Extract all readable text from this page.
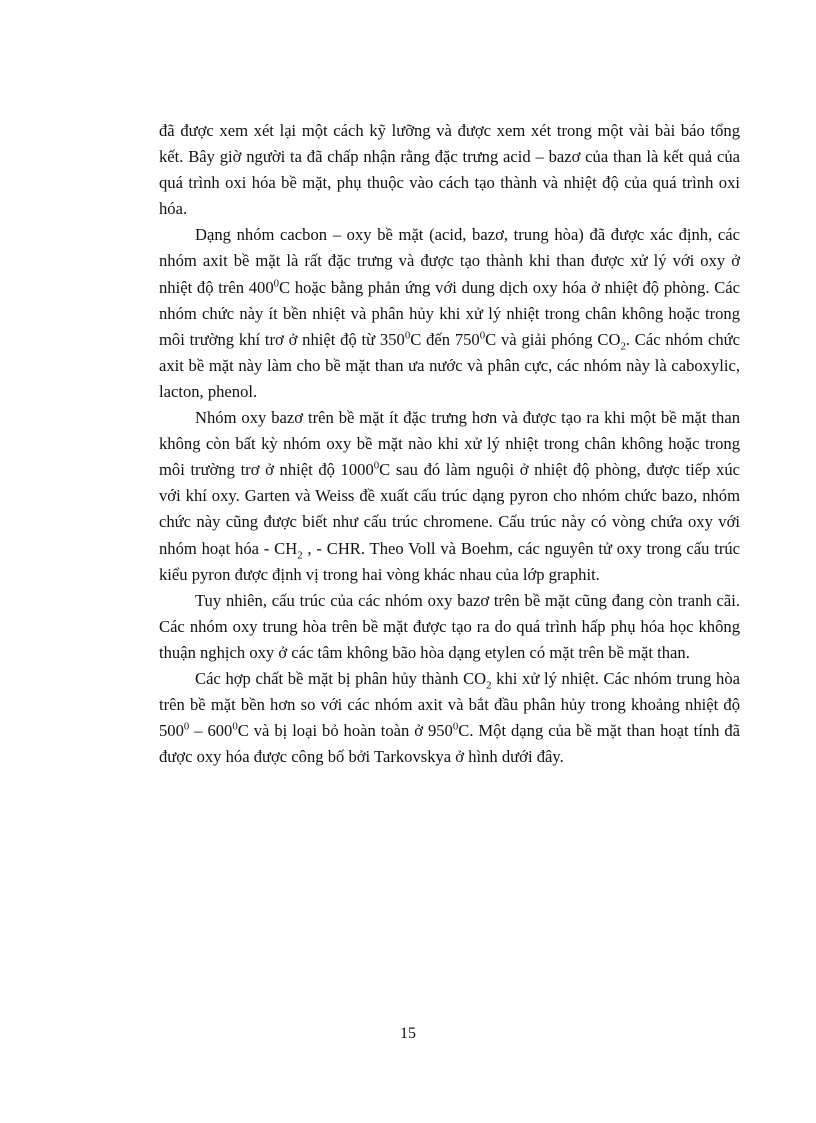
đã được xem xét lại một cách kỹ lưỡng và được xem xét trong một vài bài báo tổng kết. Bây giờ người ta đã chấp nhận rằng đặc trưng acid – bazơ của than là kết quả của quá trình oxi hóa bề mặt, phụ thuộc vào cách tạo thành và nhiệt độ của quá trình oxi hóa.

Dạng nhóm cacbon – oxy bề mặt (acid, bazơ, trung hòa) đã được xác định, các nhóm axit bề mặt là rất đặc trưng và được tạo thành khi than được xử lý với oxy ở nhiệt độ trên $400^0C$ hoặc bằng phản ứng với dung dịch oxy hóa ở nhiệt độ phòng. Các nhóm chức này ít bền nhiệt và phân hủy khi xử lý nhiệt trong chân không hoặc trong môi trường khí trơ ở nhiệt độ từ $350^0C$ đến $750^0C$ và giải phóng $CO_2$. Các nhóm chức axit bề mặt này làm cho bề mặt than ưa nước và phân cực, các nhóm này là caboxylic, lacton, phenol.

Nhóm oxy bazơ trên bề mặt ít đặc trưng hơn và được tạo ra khi một bề mặt than không còn bất kỳ nhóm oxy bề mặt nào khi xử lý nhiệt trong chân không hoặc trong môi trường trơ ở nhiệt độ 1000$^0$C sau đó làm nguội ở nhiệt độ phòng, được tiếp xúc với khí oxy. Garten và Weiss đề xuất cấu trúc dạng pyron cho nhóm chức bazo, nhóm chức này cũng được biết như cấu trúc chromene. Cấu trúc này có vòng chứa oxy với nhóm hoạt hóa - $CH_2$ , - CHR. Theo Voll và Boehm, các nguyên tử oxy trong cấu trúc kiểu pyron được định vị trong hai vòng khác nhau của lớp graphit.

Tuy nhiên, cấu trúc của các nhóm oxy bazơ trên bề mặt cũng đang còn tranh cãi. Các nhóm oxy trung hòa trên bề mặt được tạo ra do quá trình hấp phụ hóa học không thuận nghịch oxy ở các tâm không bão hòa dạng etylen có mặt trên bề mặt than.

Các hợp chất bề mặt bị phân hủy thành $CO_2$ khi xử lý nhiệt. Các nhóm trung hòa trên bề mặt bền hơn so với các nhóm axit và bắt đầu phân hủy trong khoảng nhiệt độ $500^0 - 600^0C$ và bị loại bỏ hoàn toàn ở $950^0C$. Một dạng của bề mặt than hoạt tính đã được oxy hóa được công bố bởi Tarkovskya ở hình dưới đây.

15
